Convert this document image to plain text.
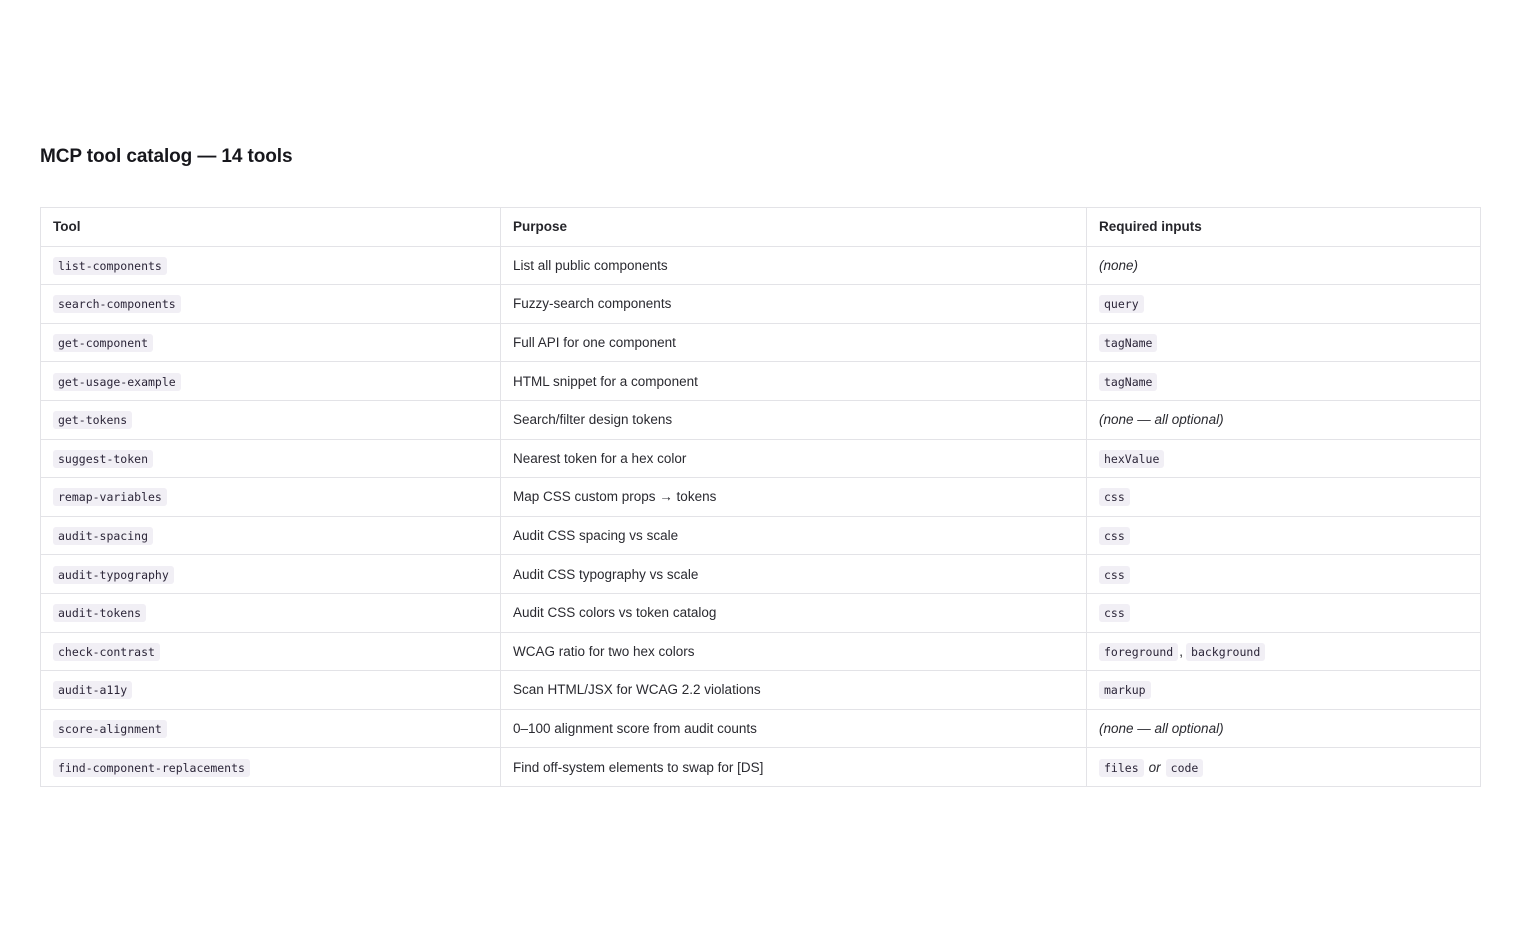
MCP tool catalog — 14 tools
Tool	Purpose	Required inputs
list-components	List all public components	(none)
search-components	Fuzzy-search components	query
get-component	Full API for one component	tagName
get-usage-example	HTML snippet for a component	tagName
get-tokens	Search/filter design tokens	(none — all optional)
suggest-token	Nearest token for a hex color	hexValue
remap-variables	Map CSS custom props → tokens	css
audit-spacing	Audit CSS spacing vs scale	css
audit-typography	Audit CSS typography vs scale	css
audit-tokens	Audit CSS colors vs token catalog	css
check-contrast	WCAG ratio for two hex colors	foreground , background
audit-a11y	Scan HTML/JSX for WCAG 2.2 violations	markup
score-alignment	0–100 alignment score from audit counts	(none — all optional)
find-component-replacements	Find off-system elements to swap for [DS]	files or code
